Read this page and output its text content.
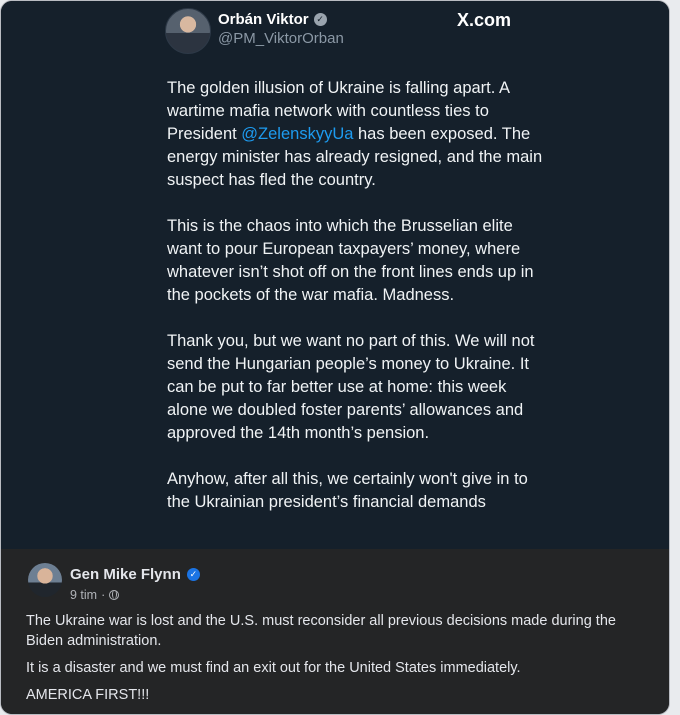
Orbán Viktor ✓
@PM_ViktorOrban
X.com

The golden illusion of Ukraine is falling apart. A wartime mafia network with countless ties to President @ZelenskyyUa has been exposed. The energy minister has already resigned, and the main suspect has fled the country.

This is the chaos into which the Brusselian elite want to pour European taxpayers’ money, where whatever isn’t shot off on the front lines ends up in the pockets of the war mafia. Madness.

Thank you, but we want no part of this. We will not send the Hungarian people’s money to Ukraine. It can be put to far better use at home: this week alone we doubled foster parents’ allowances and approved the 14th month’s pension.

Anyhow, after all this, we certainly won't give in to the Ukrainian president’s financial demands

Gen Mike Flynn ✓
9 tim ·

The Ukraine war is lost and the U.S. must reconsider all previous decisions made during the Biden administration.

It is a disaster and we must find an exit out for the United States immediately.

AMERICA FIRST!!!
